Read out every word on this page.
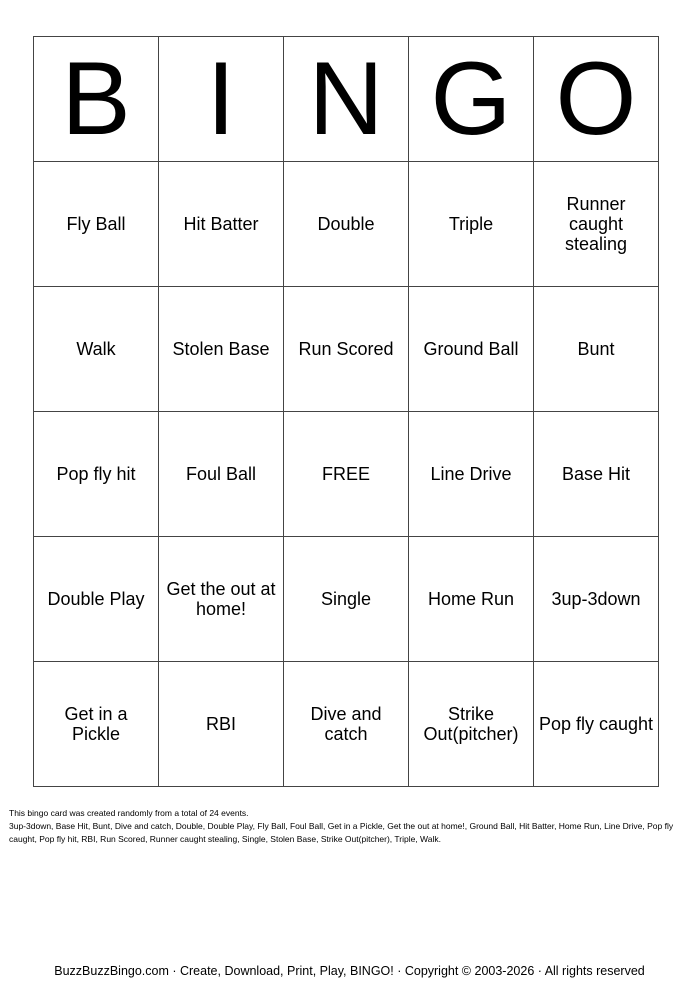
B	I	N	G	O
Fly Ball	Hit Batter	Double	Triple	Runner caught stealing
Walk	Stolen Base	Run Scored	Ground Ball	Bunt
Pop fly hit	Foul Ball	FREE	Line Drive	Base Hit
Double Play	Get the out at home!	Single	Home Run	3up-3down
Get in a Pickle	RBI	Dive and catch	Strike Out(pitcher)	Pop fly caught
This bingo card was created randomly from a total of 24 events.
3up-3down, Base Hit, Bunt, Dive and catch, Double, Double Play, Fly Ball, Foul Ball, Get in a Pickle, Get the out at home!, Ground Ball, Hit Batter, Home Run, Line Drive, Pop fly caught, Pop fly hit, RBI, Run Scored, Runner caught stealing, Single, Stolen Base, Strike Out(pitcher), Triple, Walk.
BuzzBuzzBingo.com · Create, Download, Print, Play, BINGO! · Copyright © 2003-2026 · All rights reserved
